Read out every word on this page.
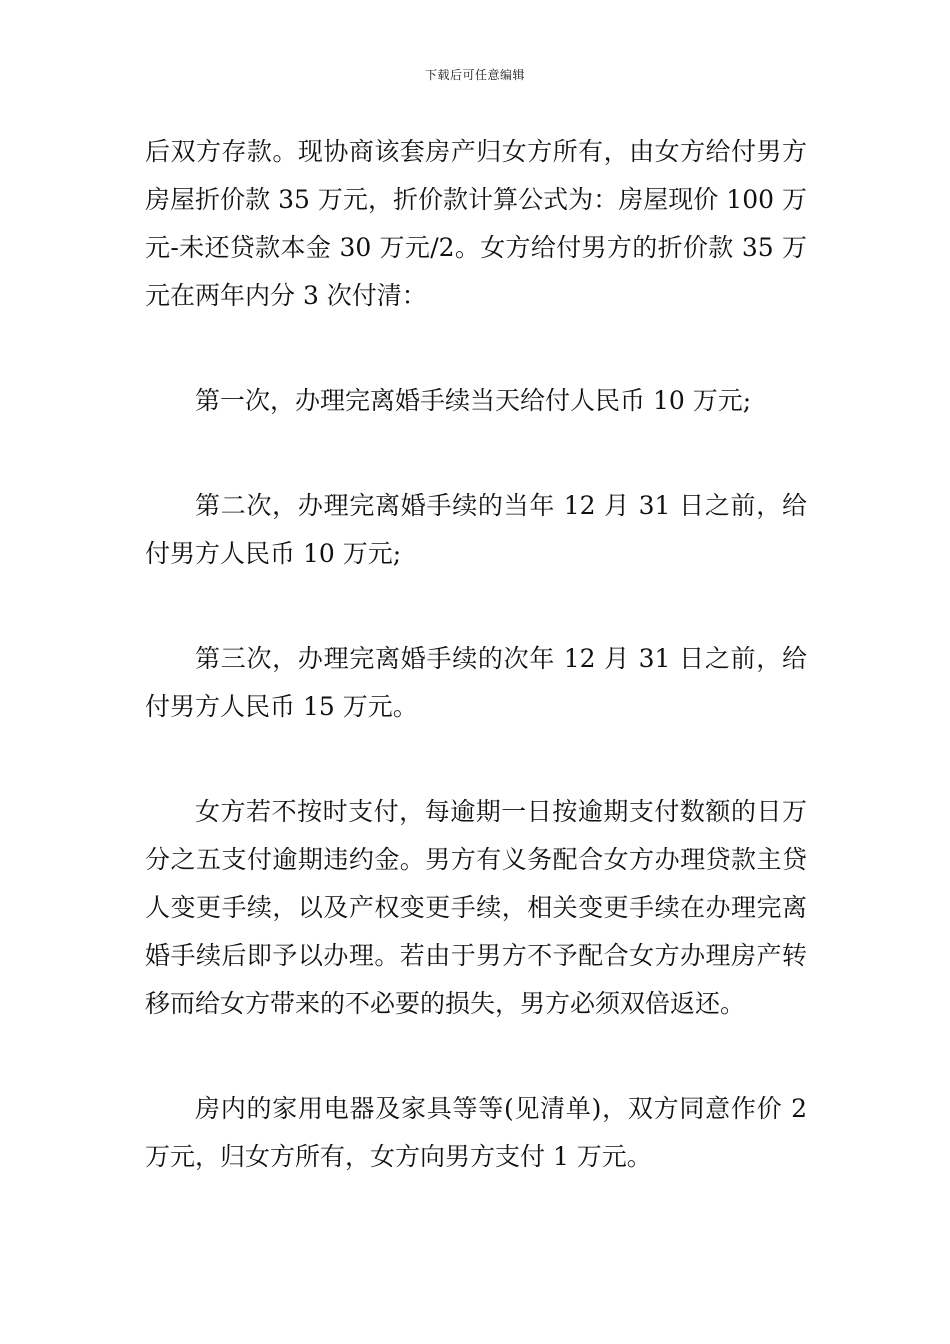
下载后可任意编辑

后双方存款。现协商该套房产归女方所有，由女方给付男方房屋折价款 35 万元，折价款计算公式为：房屋现价 100 万元-未还贷款本金 30 万元/2。女方给付男方的折价款 35 万元在两年内分 3 次付清：

第一次，办理完离婚手续当天给付人民币 10 万元;

第二次，办理完离婚手续的当年 12 月 31 日之前，给付男方人民币 10 万元;

第三次，办理完离婚手续的次年 12 月 31 日之前，给付男方人民币 15 万元。

女方若不按时支付，每逾期一日按逾期支付数额的日万分之五支付逾期违约金。男方有义务配合女方办理贷款主贷人变更手续，以及产权变更手续，相关变更手续在办理完离婚手续后即予以办理。若由于男方不予配合女方办理房产转移而给女方带来的不必要的损失，男方必须双倍返还。

房内的家用电器及家具等等(见清单)，双方同意作价 2 万元，归女方所有，女方向男方支付 1 万元。
